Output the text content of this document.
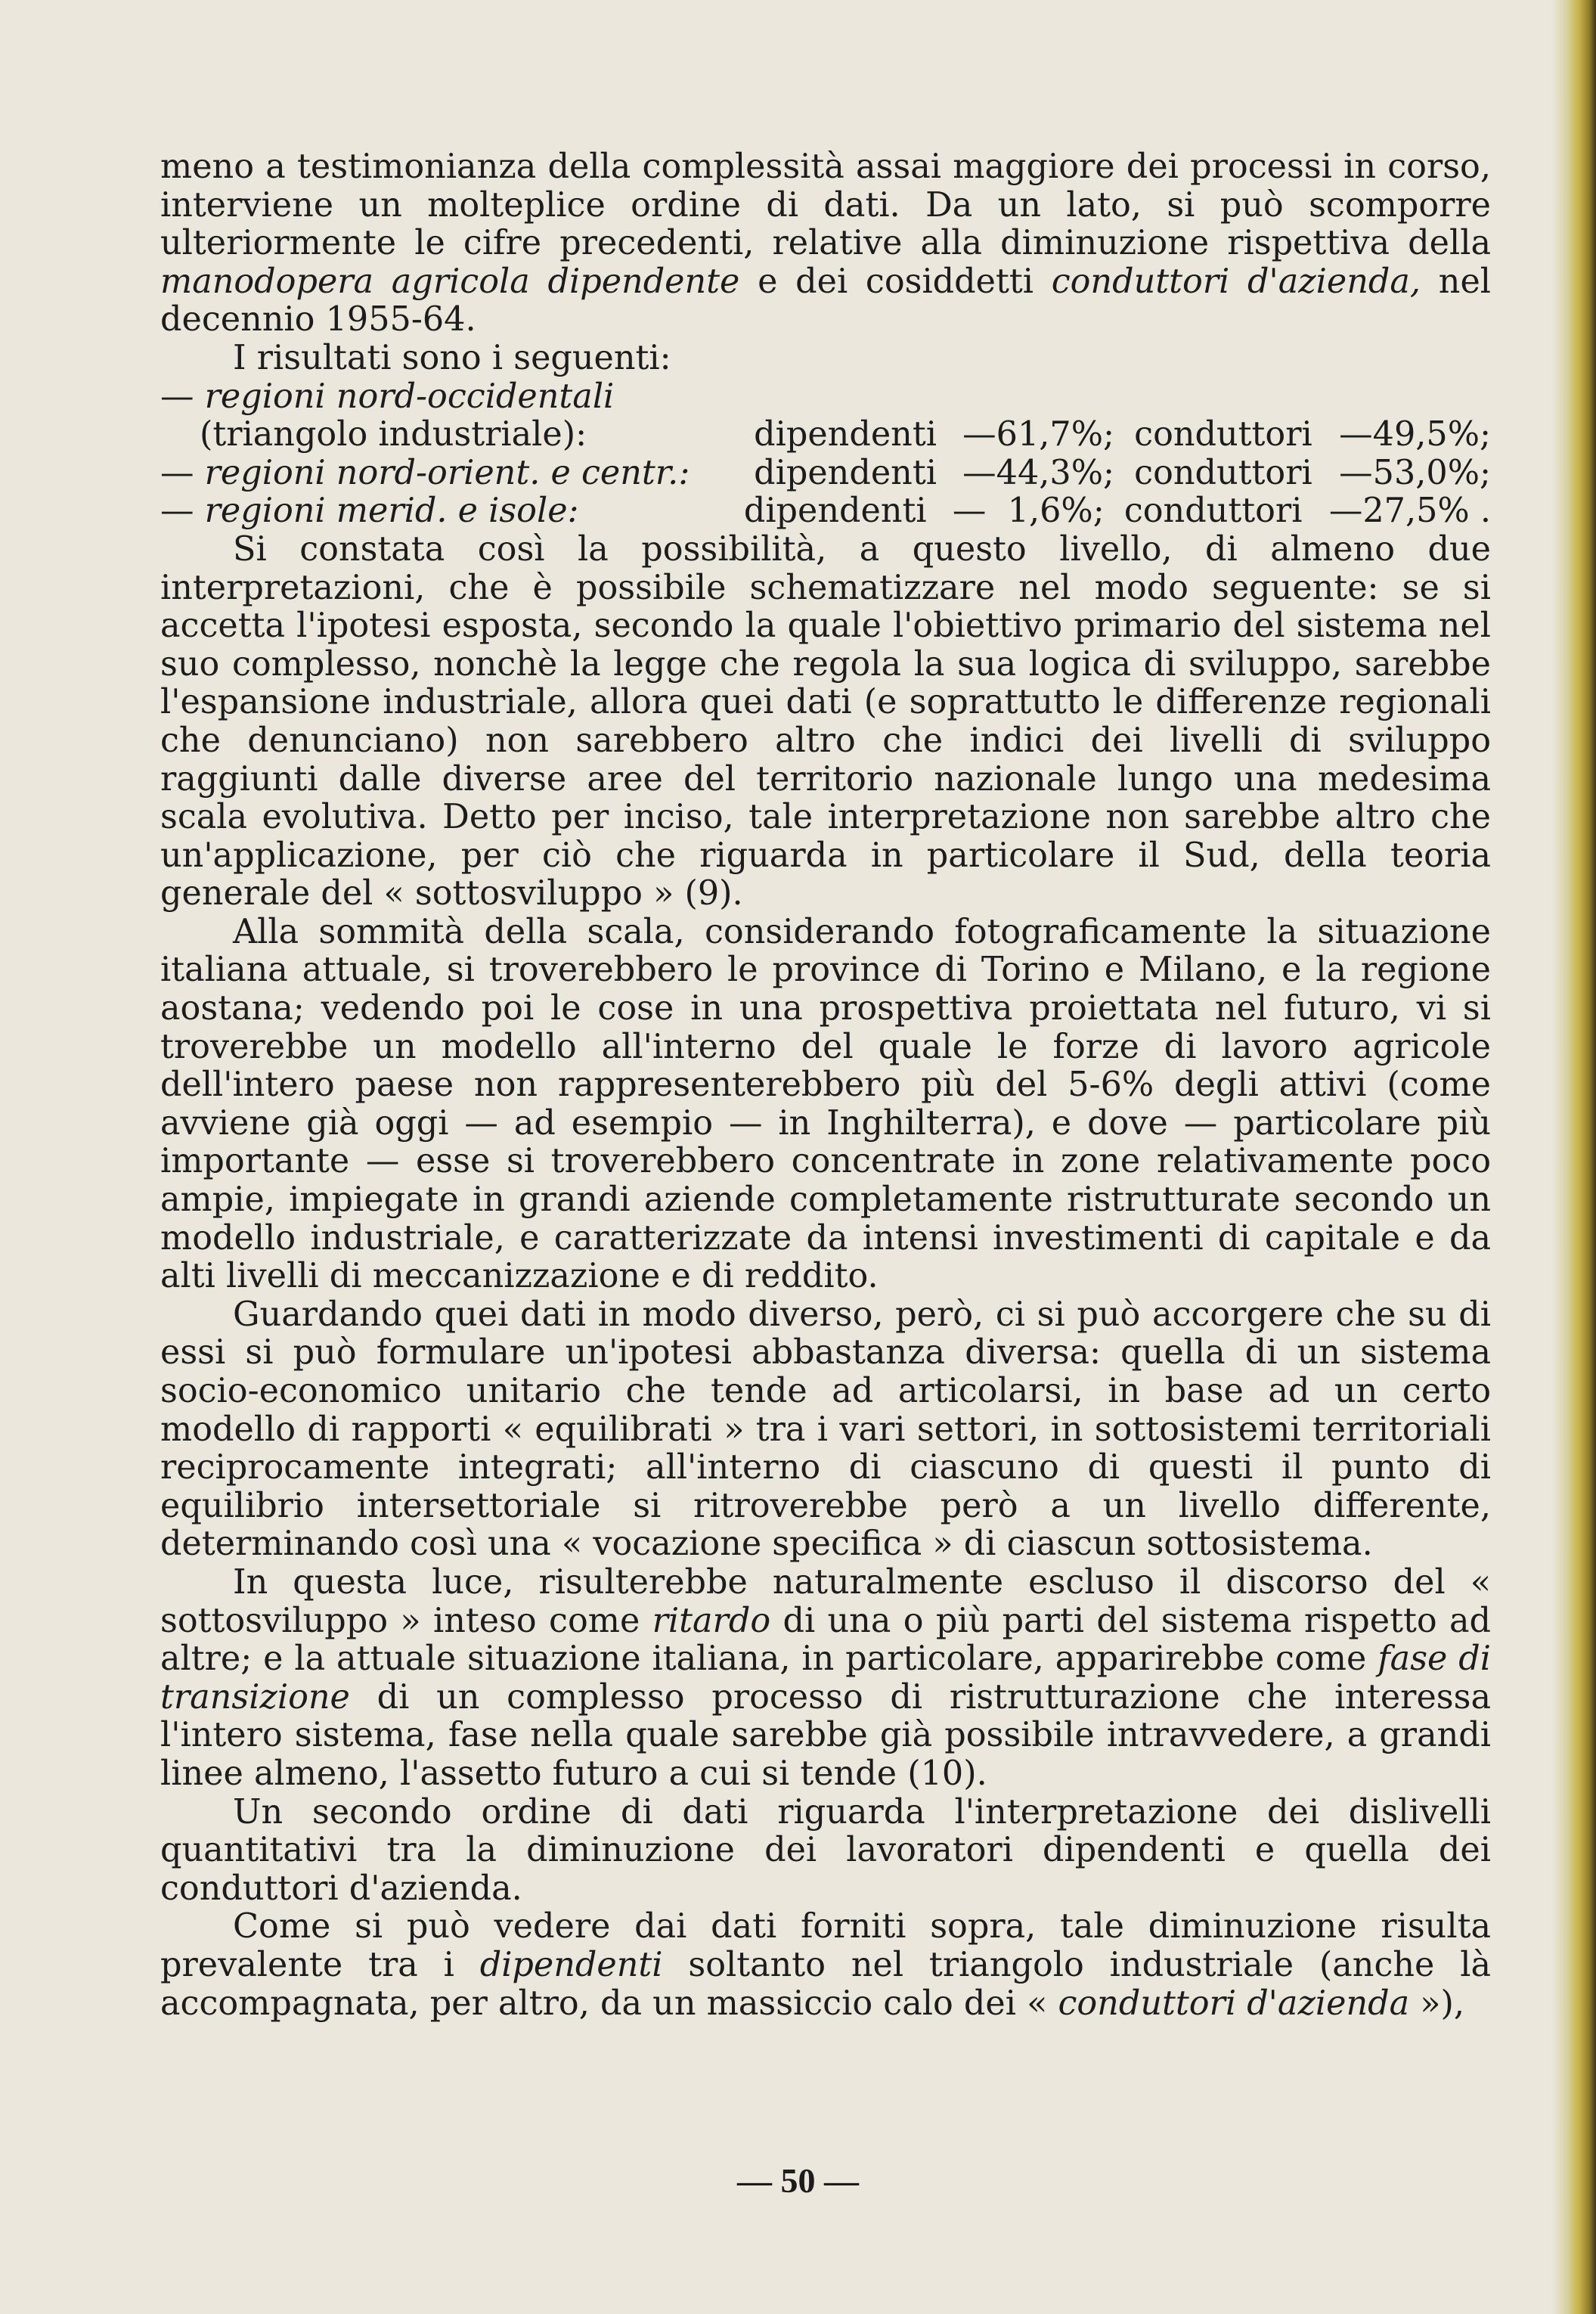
meno a testimonianza della complessità assai maggiore dei processi in corso, interviene un molteplice ordine di dati. Da un lato, si può scomporre ulteriormente le cifre precedenti, relative alla diminuzione rispettiva della manodopera agricola dipendente e dei cosiddetti conduttori d'azienda, nel decennio 1955-64.

I risultati sono i seguenti:

— regioni nord-occidentali
(triangolo industriale):	dipendenti —61,7%; conduttori —49,5%;
— regioni nord-orient. e centr.:	dipendenti —44,3%; conduttori —53,0%;
— regioni merid. e isole:	dipendenti —  1,6%; conduttori —27,5% .

Si constata così la possibilità, a questo livello, di almeno due interpretazioni, che è possibile schematizzare nel modo seguente: se si accetta l'ipotesi esposta, secondo la quale l'obiettivo primario del sistema nel suo complesso, nonchè la legge che regola la sua logica di sviluppo, sarebbe l'espansione industriale, allora quei dati (e soprattutto le differenze regionali che denunciano) non sarebbero altro che indici dei livelli di sviluppo raggiunti dalle diverse aree del territorio nazionale lungo una medesima scala evolutiva. Detto per inciso, tale interpretazione non sarebbe altro che un'applicazione, per ciò che riguarda in particolare il Sud, della teoria generale del « sottosviluppo » (9).

Alla sommità della scala, considerando fotograficamente la situazione italiana attuale, si troverebbero le province di Torino e Milano, e la regione aostana; vedendo poi le cose in una prospettiva proiettata nel futuro, vi si troverebbe un modello all'interno del quale le forze di lavoro agricole dell'intero paese non rappresenterebbero più del 5-6% degli attivi (come avviene già oggi — ad esempio — in Inghilterra), e dove — particolare più importante — esse si troverebbero concentrate in zone relativamente poco ampie, impiegate in grandi aziende completamente ristrutturate secondo un modello industriale, e caratterizzate da intensi investimenti di capitale e da alti livelli di meccanizzazione e di reddito.

Guardando quei dati in modo diverso, però, ci si può accorgere che su di essi si può formulare un'ipotesi abbastanza diversa: quella di un sistema socio-economico unitario che tende ad articolarsi, in base ad un certo modello di rapporti « equilibrati » tra i vari settori, in sottosistemi territoriali reciprocamente integrati; all'interno di ciascuno di questi il punto di equilibrio intersettoriale si ritroverebbe però a un livello differente, determinando così una « vocazione specifica » di ciascun sottosistema.

In questa luce, risulterebbe naturalmente escluso il discorso del « sottosviluppo » inteso come ritardo di una o più parti del sistema rispetto ad altre; e la attuale situazione italiana, in particolare, apparirebbe come fase di transizione di un complesso processo di ristrutturazione che interessa l'intero sistema, fase nella quale sarebbe già possibile intravvedere, a grandi linee almeno, l'assetto futuro a cui si tende (10).

Un secondo ordine di dati riguarda l'interpretazione dei dislivelli quantitativi tra la diminuzione dei lavoratori dipendenti e quella dei conduttori d'azienda.

Come si può vedere dai dati forniti sopra, tale diminuzione risulta prevalente tra i dipendenti soltanto nel triangolo industriale (anche là accompagnata, per altro, da un massiccio calo dei « conduttori d'azienda »),

— 50 —
